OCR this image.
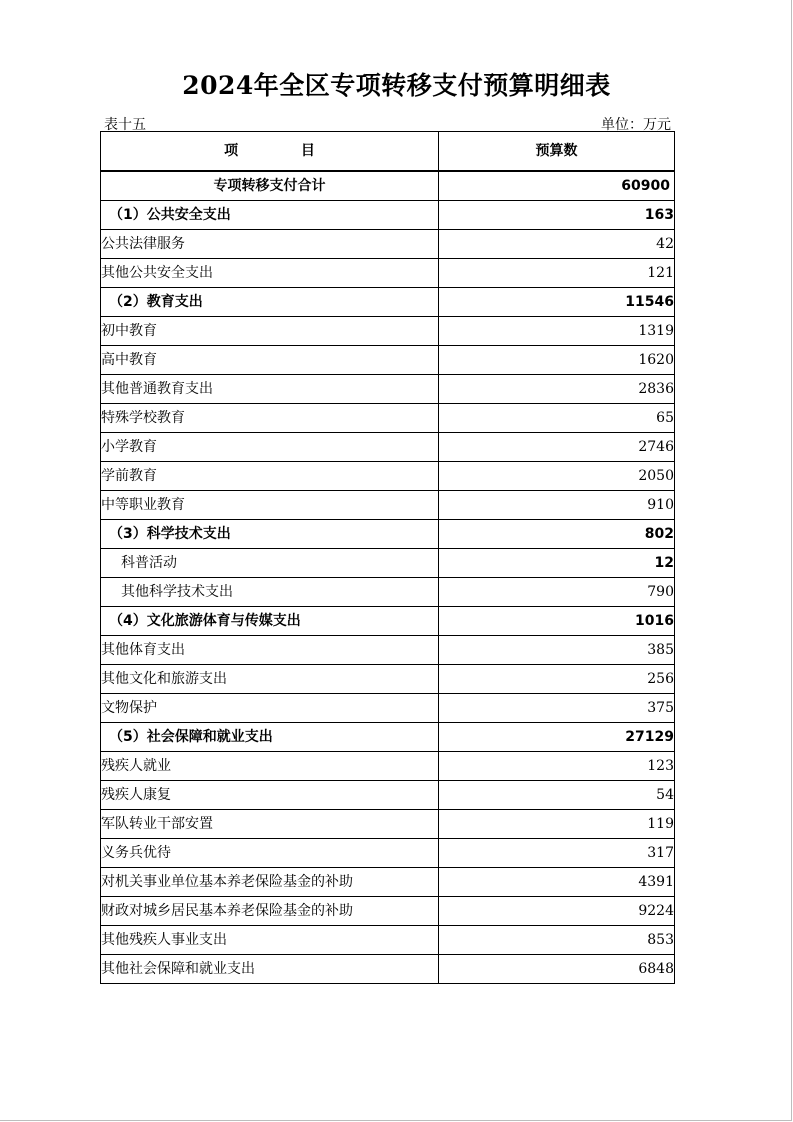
2024年全区专项转移支付预算明细表
表十五	单位：万元
项 目	预算数
专项转移支付合计	60900
（1）公共安全支出	163
公共法律服务	42
其他公共安全支出	121
（2）教育支出	11546
初中教育	1319
高中教育	1620
其他普通教育支出	2836
特殊学校教育	65
小学教育	2746
学前教育	2050
中等职业教育	910
（3）科学技术支出	802
科普活动	12
其他科学技术支出	790
（4）文化旅游体育与传媒支出	1016
其他体育支出	385
其他文化和旅游支出	256
文物保护	375
（5）社会保障和就业支出	27129
残疾人就业	123
残疾人康复	54
军队转业干部安置	119
义务兵优待	317
对机关事业单位基本养老保险基金的补助	4391
财政对城乡居民基本养老保险基金的补助	9224
其他残疾人事业支出	853
其他社会保障和就业支出	6848
